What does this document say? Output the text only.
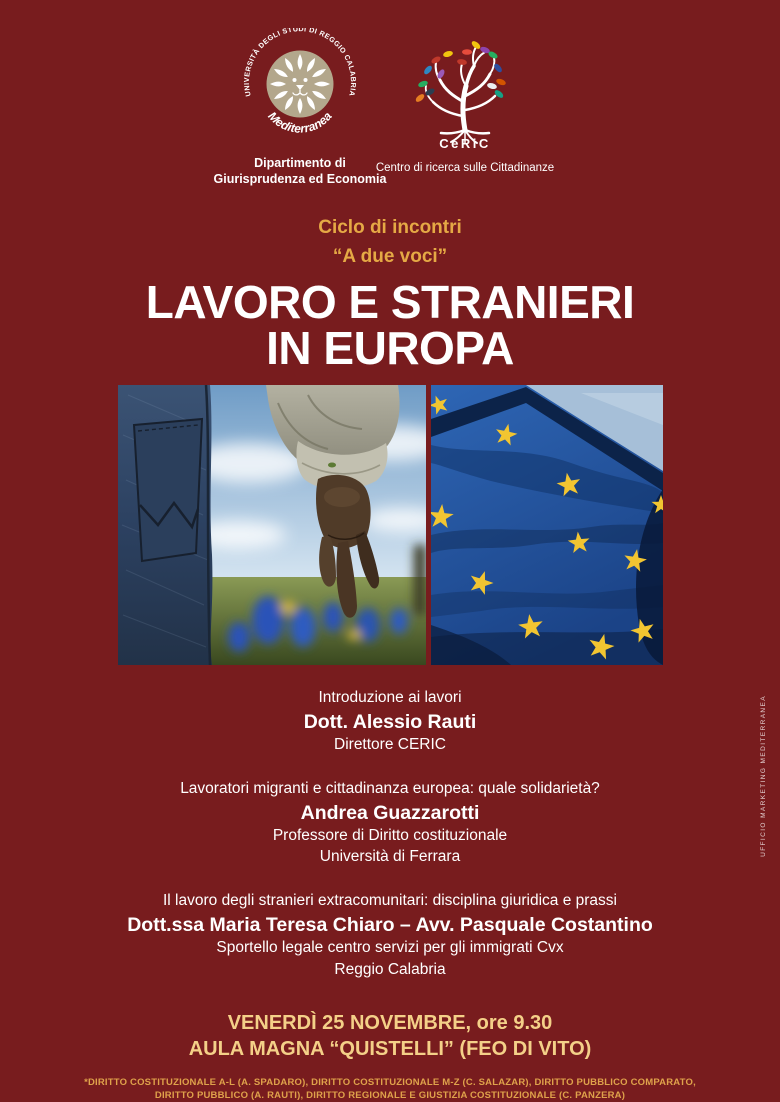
UNIVERSITÀ DEGLI STUDI DI REGGIO CALABRIA
Mediterranea
Dipartimento di
Giurisprudenza ed Economia
CeRiC
Centro di ricerca sulle Cittadinanze
Ciclo di incontri
“A due voci”
LAVORO E STRANIERI
IN EUROPA
Introduzione ai lavori
Dott. Alessio Rauti
Direttore CERIC
Lavoratori migranti e cittadinanza europea: quale solidarietà?
Andrea Guazzarotti
Professore di Diritto costituzionale
Università di Ferrara
Il lavoro degli stranieri extracomunitari: disciplina giuridica e prassi
Dott.ssa Maria Teresa Chiaro – Avv. Pasquale Costantino
Sportello legale centro servizi per gli immigrati Cvx
Reggio Calabria
VENERDÌ 25 NOVEMBRE, ore 9.30
AULA MAGNA “QUISTELLI” (FEO DI VITO)
*DIRITTO COSTITUZIONALE A-L (A. SPADARO), DIRITTO COSTITUZIONALE M-Z (C. SALAZAR), DIRITTO PUBBLICO COMPARATO,
DIRITTO PUBBLICO (A. RAUTI), DIRITTO REGIONALE E GIUSTIZIA COSTITUZIONALE (C. PANZERA)
UFFICIO MARKETING MEDITERRANEA
